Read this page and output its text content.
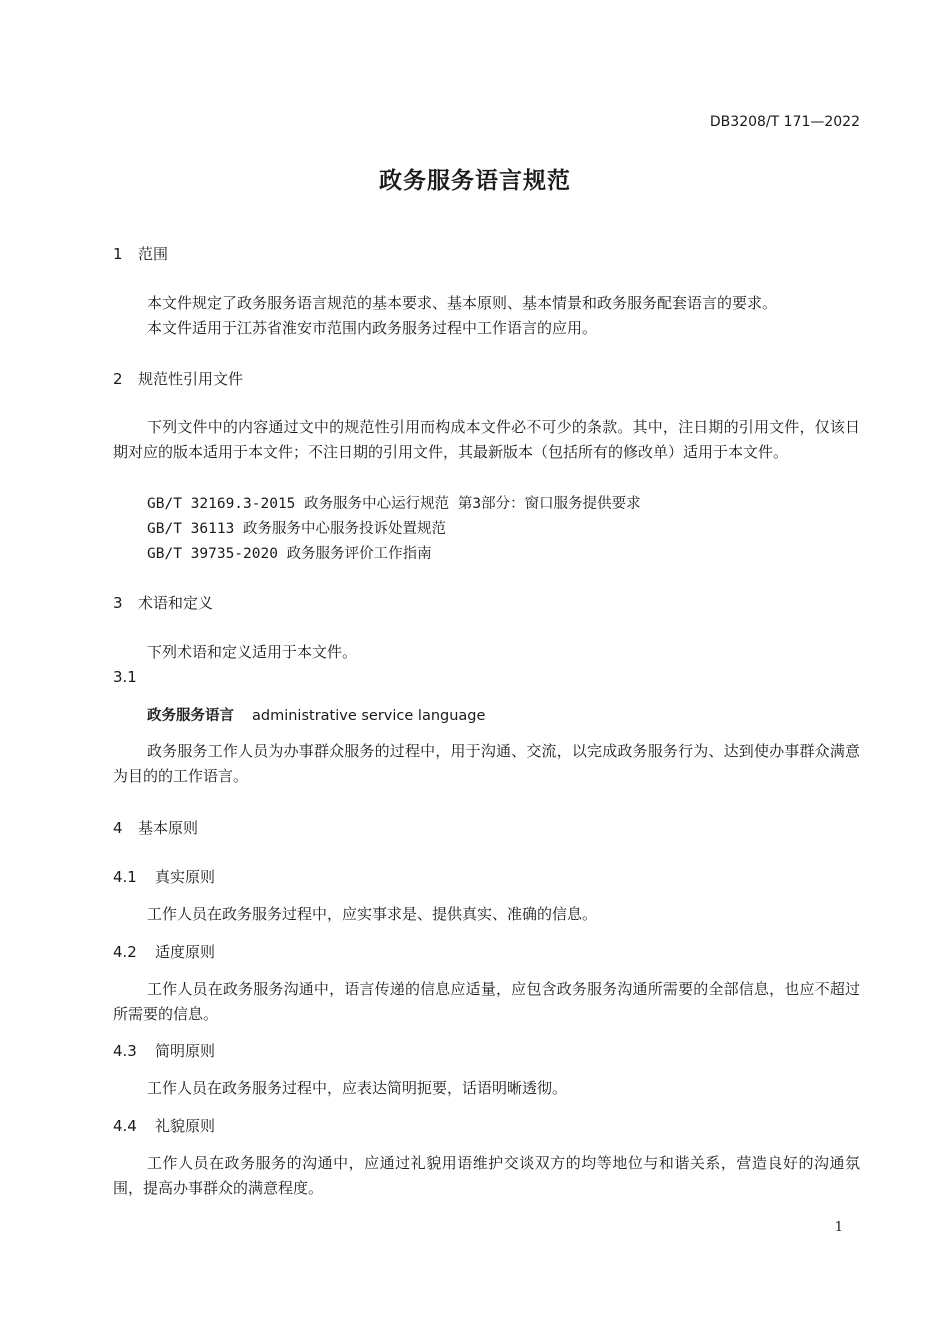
DB3208/T 171—2022
政务服务语言规范
1 范围
本文件规定了政务服务语言规范的基本要求、基本原则、基本情景和政务服务配套语言的要求。
本文件适用于江苏省淮安市范围内政务服务过程中工作语言的应用。
2 规范性引用文件
下列文件中的内容通过文中的规范性引用而构成本文件必不可少的条款。其中，注日期的引用文件，仅该日期对应的版本适用于本文件；不注日期的引用文件，其最新版本（包括所有的修改单）适用于本文件。
GB/T 32169.3-2015 政务服务中心运行规范 第3部分：窗口服务提供要求
GB/T 36113 政务服务中心服务投诉处置规范
GB/T 39735-2020 政务服务评价工作指南
3 术语和定义
下列术语和定义适用于本文件。
3.1
政务服务语言 administrative service language
政务服务工作人员为办事群众服务的过程中，用于沟通、交流，以完成政务服务行为、达到使办事群众满意为目的的工作语言。
4 基本原则
4.1 真实原则
工作人员在政务服务过程中，应实事求是、提供真实、准确的信息。
4.2 适度原则
工作人员在政务服务沟通中，语言传递的信息应适量，应包含政务服务沟通所需要的全部信息，也应不超过所需要的信息。
4.3 简明原则
工作人员在政务服务过程中，应表达简明扼要，话语明晰透彻。
4.4 礼貌原则
工作人员在政务服务的沟通中，应通过礼貌用语维护交谈双方的均等地位与和谐关系，营造良好的沟通氛围，提高办事群众的满意程度。
1
